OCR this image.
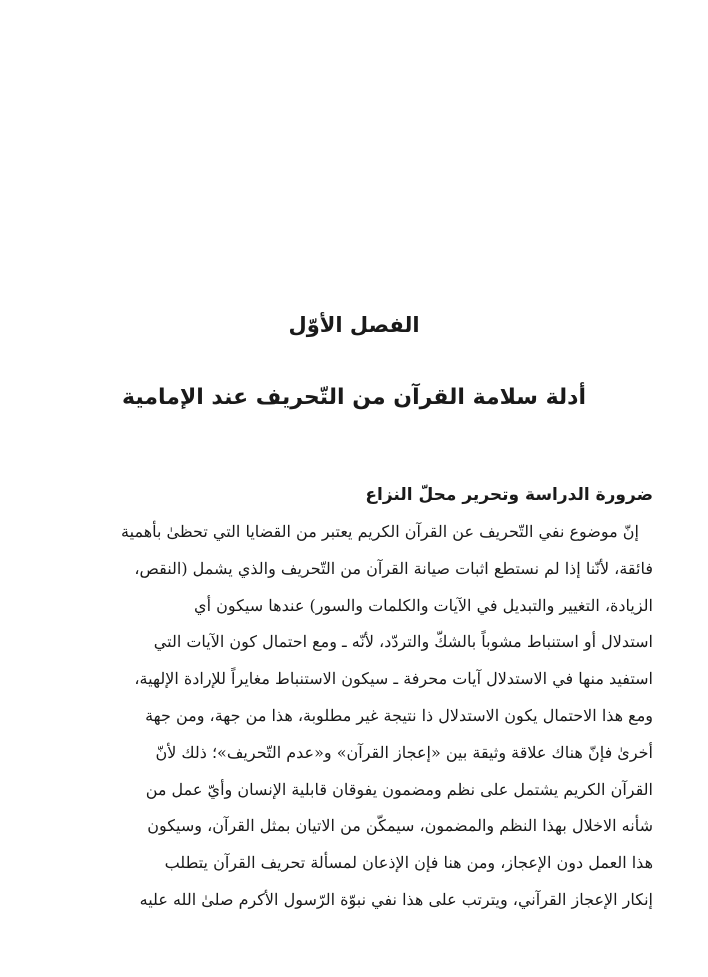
الفصل الأوّل
أدلة سلامة القرآن من التّحريف عند الإمامية
ضرورة الدراسة وتحرير محلّ النزاع
إنّ موضوع نفي التّحريف عن القرآن الكريم يعتبر من القضايا التي تحظىٰ بأهمية
فائقة، لأنّنا إذا لم نستطع اثبات صيانة القرآن من التّحريف والذي يشمل (النقص،
الزيادة، التغيير والتبديل في الآيات والكلمات والسور) عندها سيكون أي
استدلال أو استنباط مشوباً بالشكّ والتردّد، لأنّه ـ ومع احتمال كون الآيات التي
استفيد منها في الاستدلال آيات محرفة ـ سيكون الاستنباط مغايراً للإرادة الإلهية،
ومع هذا الاحتمال يكون الاستدلال ذا نتيجة غير مطلوبة، هذا من جهة، ومن جهة
أخرىٰ فإنّ هناك علاقة وثيقة بين «إعجاز القرآن» و«عدم التّحريف»؛ ذلك لأنّ
القرآن الكريم يشتمل على نظم ومضمون يفوقان قابلية الإنسان وأيّ عمل من
شأنه الاخلال بهذا النظم والمضمون، سيمكّن من الاتيان بمثل القرآن، وسيكون
هذا العمل دون الإعجاز، ومن هنا فإن الإذعان لمسألة تحريف القرآن يتطلب
إنكار الإعجاز القرآني، ويترتب على هذا نفي نبوّة الرّسول الأكرم صلىٰ الله عليه
